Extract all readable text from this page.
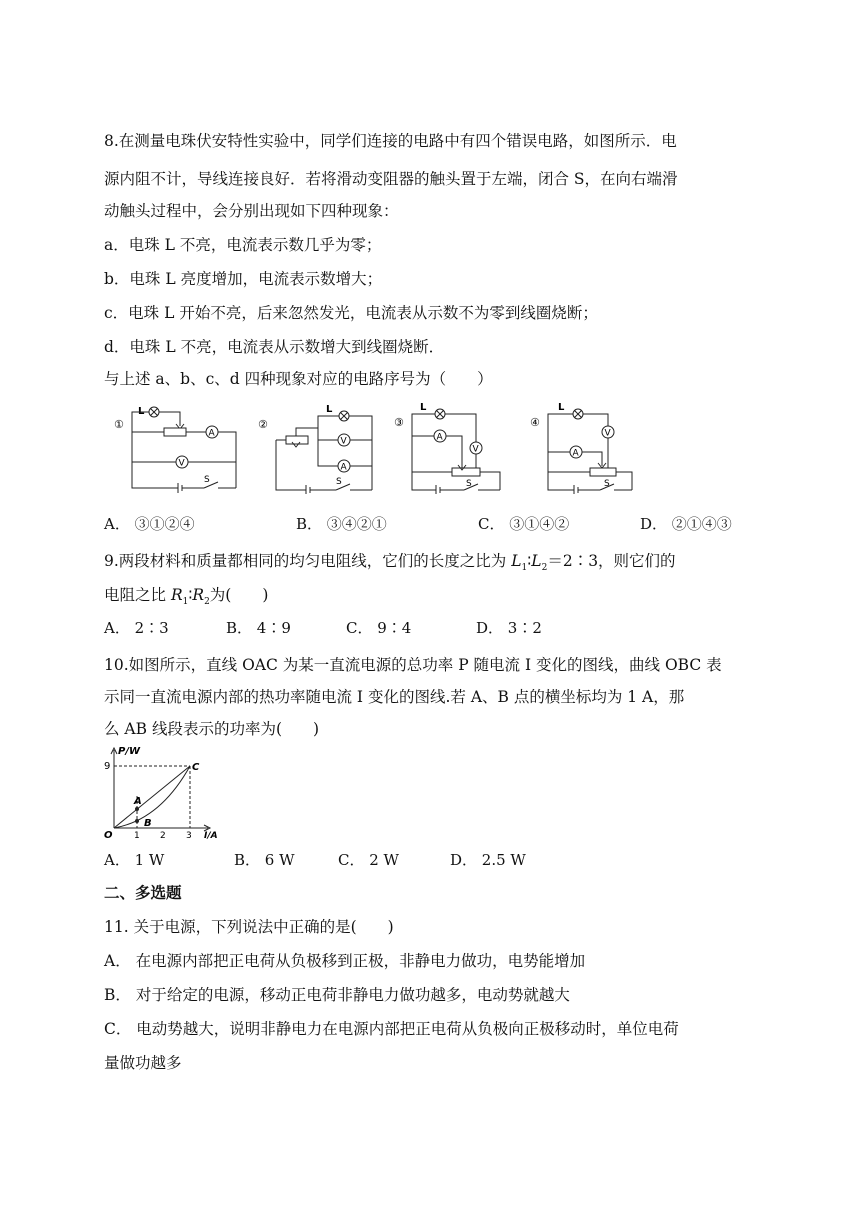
8.在测量电珠伏安特性实验中，同学们连接的电路中有四个错误电路，如图所示．电
源内阻不计，导线连接良好．若将滑动变阻器的触头置于左端，闭合 S，在向右端滑
动触头过程中，会分别出现如下四种现象：
a．电珠 L 不亮，电流表示数几乎为零；
b．电珠 L 亮度增加，电流表示数增大；
c．电珠 L 开始不亮，后来忽然发光，电流表从示数不为零到线圈烧断；
d．电珠 L 不亮，电流表从示数增大到线圈烧断．
与上述 a、b、c、d 四种现象对应的电路序号为（　　）
①
L
A
V
S
②
L
V
A
S
③
L
A
V
S
④
L
V
A
S
A． ③①②④	B． ③④②①	C． ③①④②	D． ②①④③
9.两段材料和质量都相同的均匀电阻线，它们的长度之比为 $L_1∶L_2=2∶3$，则它们的
电阻之比 $R_1∶R_2$为(　　)
A． 2∶3	B． 4∶9	C． 9∶4	D． 3∶2
10.如图所示，直线 OAC 为某一直流电源的总功率 P 随电流 I 变化的图线，曲线 OBC 表
示同一直流电源内部的热功率随电流 I 变化的图线.若 A、B 点的横坐标均为 1 A，那
么 AB 线段表示的功率为(　　)
P/W
9
O 1 2 3 I/A
A
B
C
A． 1 W	B． 6 W	C． 2 W	D． 2.5 W
二、多选题
11. 关于电源，下列说法中正确的是(　　)
A． 在电源内部把正电荷从负极移到正极，非静电力做功，电势能增加
B． 对于给定的电源，移动正电荷非静电力做功越多，电动势就越大
C． 电动势越大，说明非静电力在电源内部把正电荷从负极向正极移动时，单位电荷
量做功越多
